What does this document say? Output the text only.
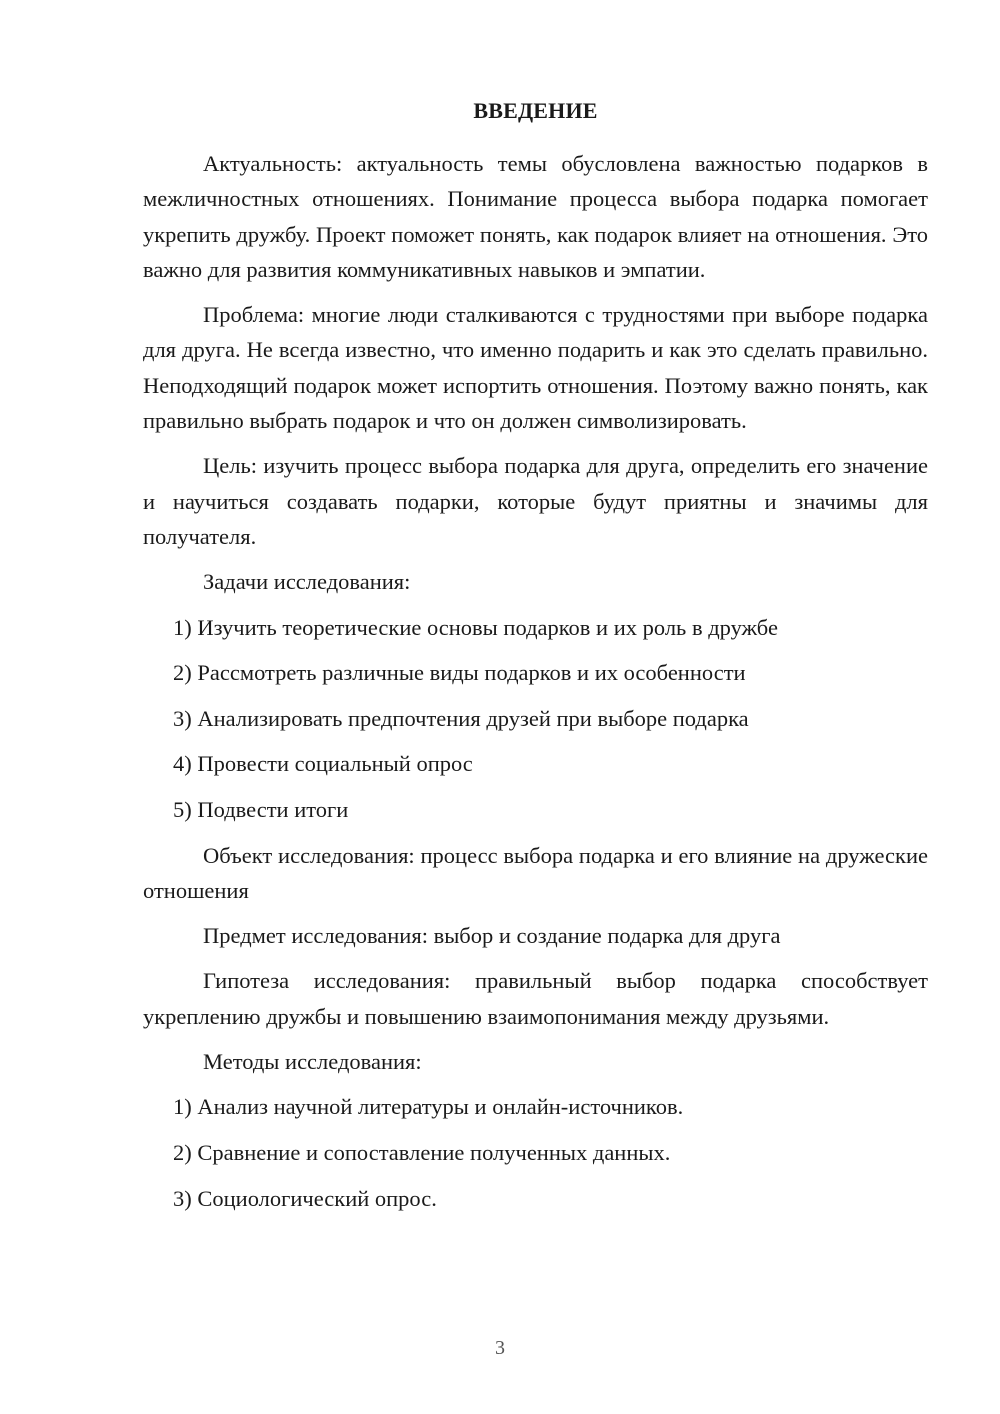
ВВЕДЕНИЕ

Актуальность: актуальность темы обусловлена важностью подарков в межличностных отношениях. Понимание процесса выбора подарка помогает укрепить дружбу. Проект поможет понять, как подарок влияет на отношения. Это важно для развития коммуникативных навыков и эмпатии.

Проблема: многие люди сталкиваются с трудностями при выборе подарка для друга. Не всегда известно, что именно подарить и как это сделать правильно. Неподходящий подарок может испортить отношения. Поэтому важно понять, как правильно выбрать подарок и что он должен символизировать.

Цель: изучить процесс выбора подарка для друга, определить его значение и научиться создавать подарки, которые будут приятны и значимы для получателя.

Задачи исследования:
1) Изучить теоретические основы подарков и их роль в дружбе
2) Рассмотреть различные виды подарков и их особенности
3) Анализировать предпочтения друзей при выборе подарка
4) Провести социальный опрос
5) Подвести итоги

Объект исследования: процесс выбора подарка и его влияние на дружеские отношения

Предмет исследования: выбор и создание подарка для друга

Гипотеза исследования: правильный выбор подарка способствует укреплению дружбы и повышению взаимопонимания между друзьями.

Методы исследования:
1) Анализ научной литературы и онлайн-источников.
2) Сравнение и сопоставление полученных данных.
3) Социологический опрос.
3
